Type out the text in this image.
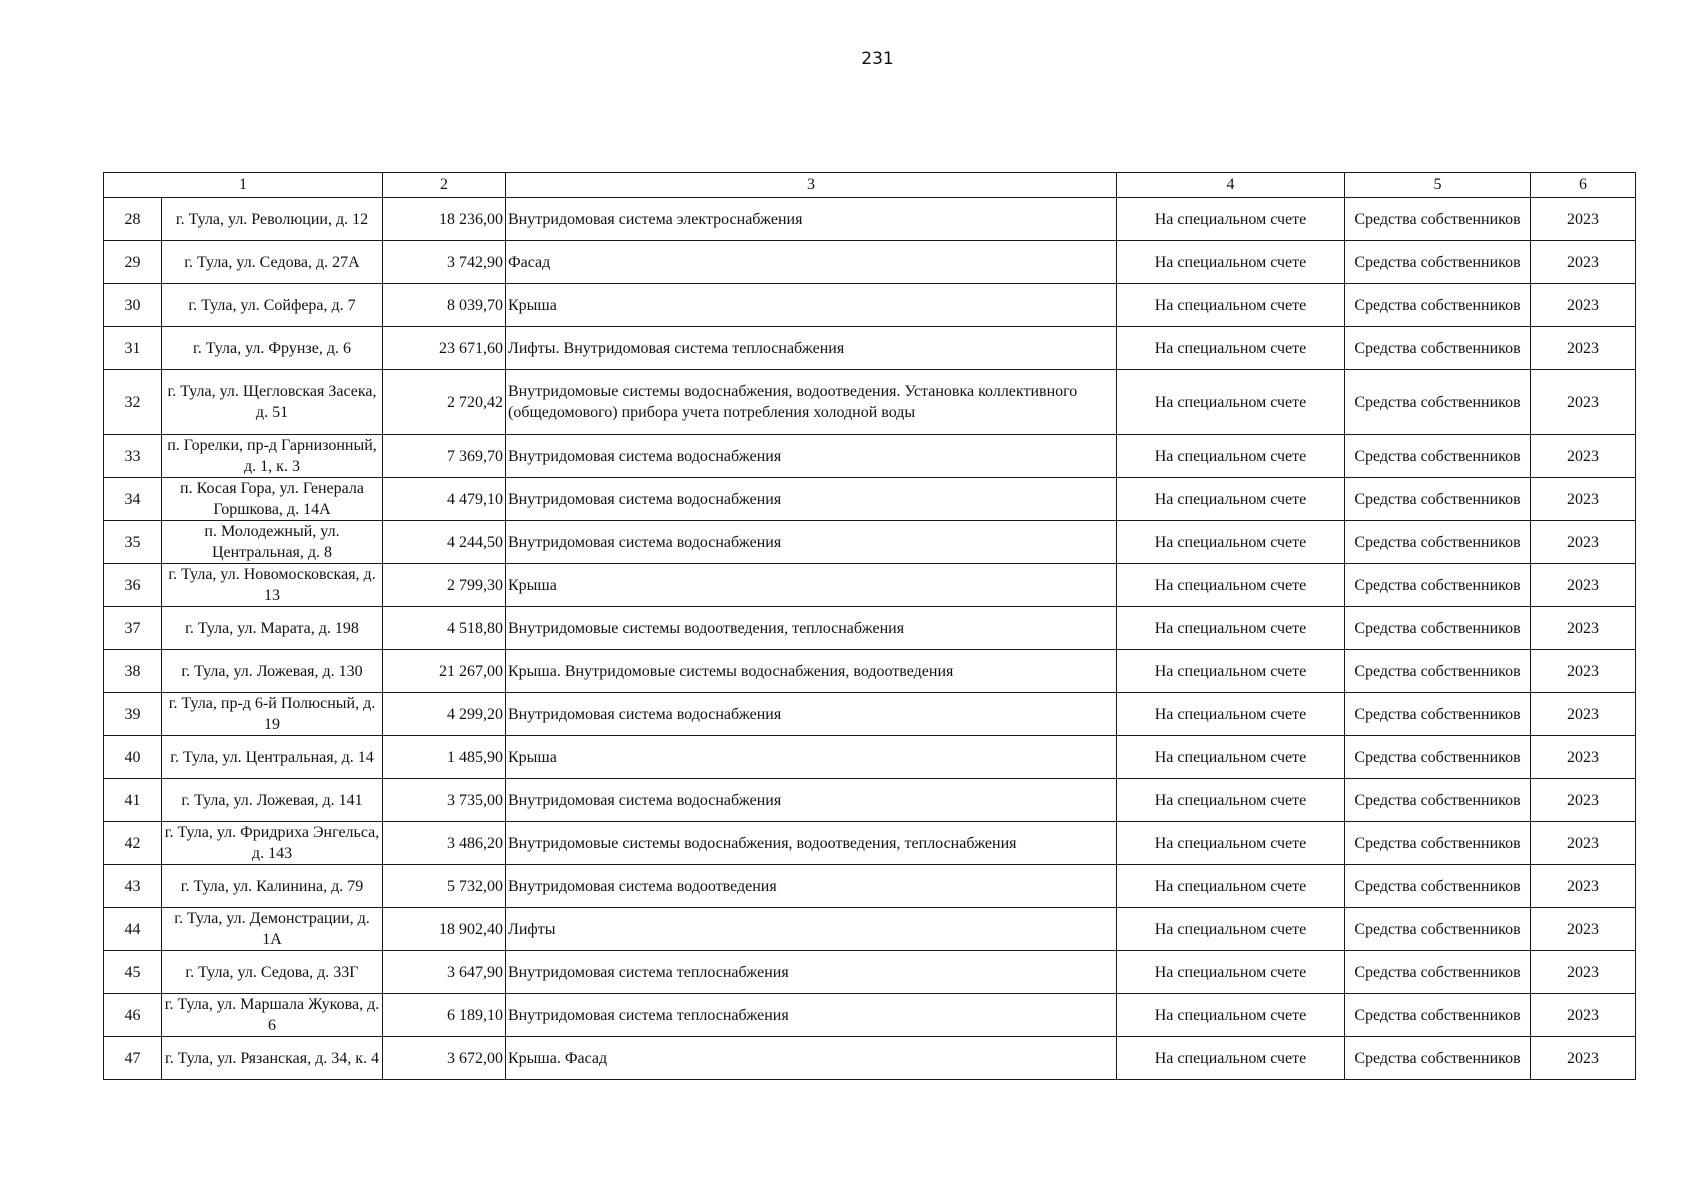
231
1		2	3	4	5	6
28	г. Тула, ул. Революции, д. 12	18 236,00	Внутридомовая система электроснабжения	На специальном счете	Средства собственников	2023
29	г. Тула, ул. Седова, д. 27А	3 742,90	Фасад	На специальном счете	Средства собственников	2023
30	г. Тула, ул. Сойфера, д. 7	8 039,70	Крыша	На специальном счете	Средства собственников	2023
31	г. Тула, ул. Фрунзе, д. 6	23 671,60	Лифты. Внутридомовая система теплоснабжения	На специальном счете	Средства собственников	2023
32	г. Тула, ул. Щегловская Засека, д. 51	2 720,42	Внутридомовые системы водоснабжения, водоотведения. Установка коллективного (общедомового) прибора учета потребления холодной воды	На специальном счете	Средства собственников	2023
33	п. Горелки, пр-д Гарнизонный, д. 1, к. 3	7 369,70	Внутридомовая система водоснабжения	На специальном счете	Средства собственников	2023
34	п. Косая Гора, ул. Генерала Горшкова, д. 14А	4 479,10	Внутридомовая система водоснабжения	На специальном счете	Средства собственников	2023
35	п. Молодежный, ул. Центральная, д. 8	4 244,50	Внутридомовая система водоснабжения	На специальном счете	Средства собственников	2023
36	г. Тула, ул. Новомосковская, д. 13	2 799,30	Крыша	На специальном счете	Средства собственников	2023
37	г. Тула, ул. Марата, д. 198	4 518,80	Внутридомовые системы водоотведения, теплоснабжения	На специальном счете	Средства собственников	2023
38	г. Тула, ул. Ложевая, д. 130	21 267,00	Крыша. Внутридомовые системы водоснабжения, водоотведения	На специальном счете	Средства собственников	2023
39	г. Тула, пр-д 6-й Полюсный, д. 19	4 299,20	Внутридомовая система водоснабжения	На специальном счете	Средства собственников	2023
40	г. Тула, ул. Центральная, д. 14	1 485,90	Крыша	На специальном счете	Средства собственников	2023
41	г. Тула, ул. Ложевая, д. 141	3 735,00	Внутридомовая система водоснабжения	На специальном счете	Средства собственников	2023
42	г. Тула, ул. Фридриха Энгельса, д. 143	3 486,20	Внутридомовые системы водоснабжения, водоотведения, теплоснабжения	На специальном счете	Средства собственников	2023
43	г. Тула, ул. Калинина, д. 79	5 732,00	Внутридомовая система водоотведения	На специальном счете	Средства собственников	2023
44	г. Тула, ул. Демонстрации, д. 1А	18 902,40	Лифты	На специальном счете	Средства собственников	2023
45	г. Тула, ул. Седова, д. 33Г	3 647,90	Внутридомовая система теплоснабжения	На специальном счете	Средства собственников	2023
46	г. Тула, ул. Маршала Жукова, д. 6	6 189,10	Внутридомовая система теплоснабжения	На специальном счете	Средства собственников	2023
47	г. Тула, ул. Рязанская, д. 34, к. 4	3 672,00	Крыша. Фасад	На специальном счете	Средства собственников	2023
